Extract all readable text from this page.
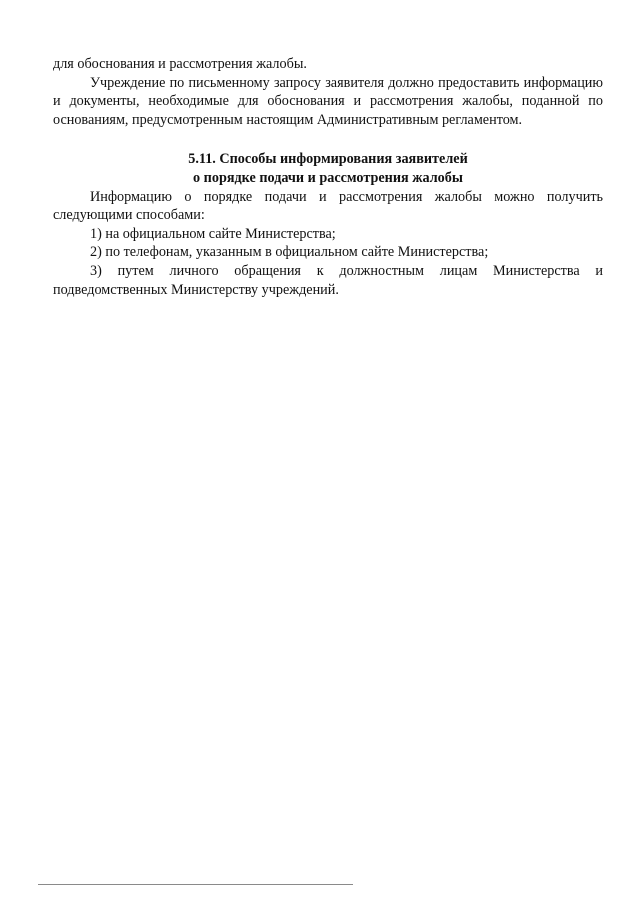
для обоснования и рассмотрения жалобы.

Учреждение по письменному запросу заявителя должно предоставить информацию и документы, необходимые для обоснования и рассмотрения жалобы, поданной по основаниям, предусмотренным настоящим Административным регламентом.

5.11. Способы информирования заявителей
о порядке подачи и рассмотрения жалобы

Информацию о порядке подачи и рассмотрения жалобы можно получить следующими способами:

1) на официальном сайте Министерства;

2) по телефонам, указанным в официальном сайте Министерства;

3) путем личного обращения к должностным лицам Министерства и подведомственных Министерству учреждений.
